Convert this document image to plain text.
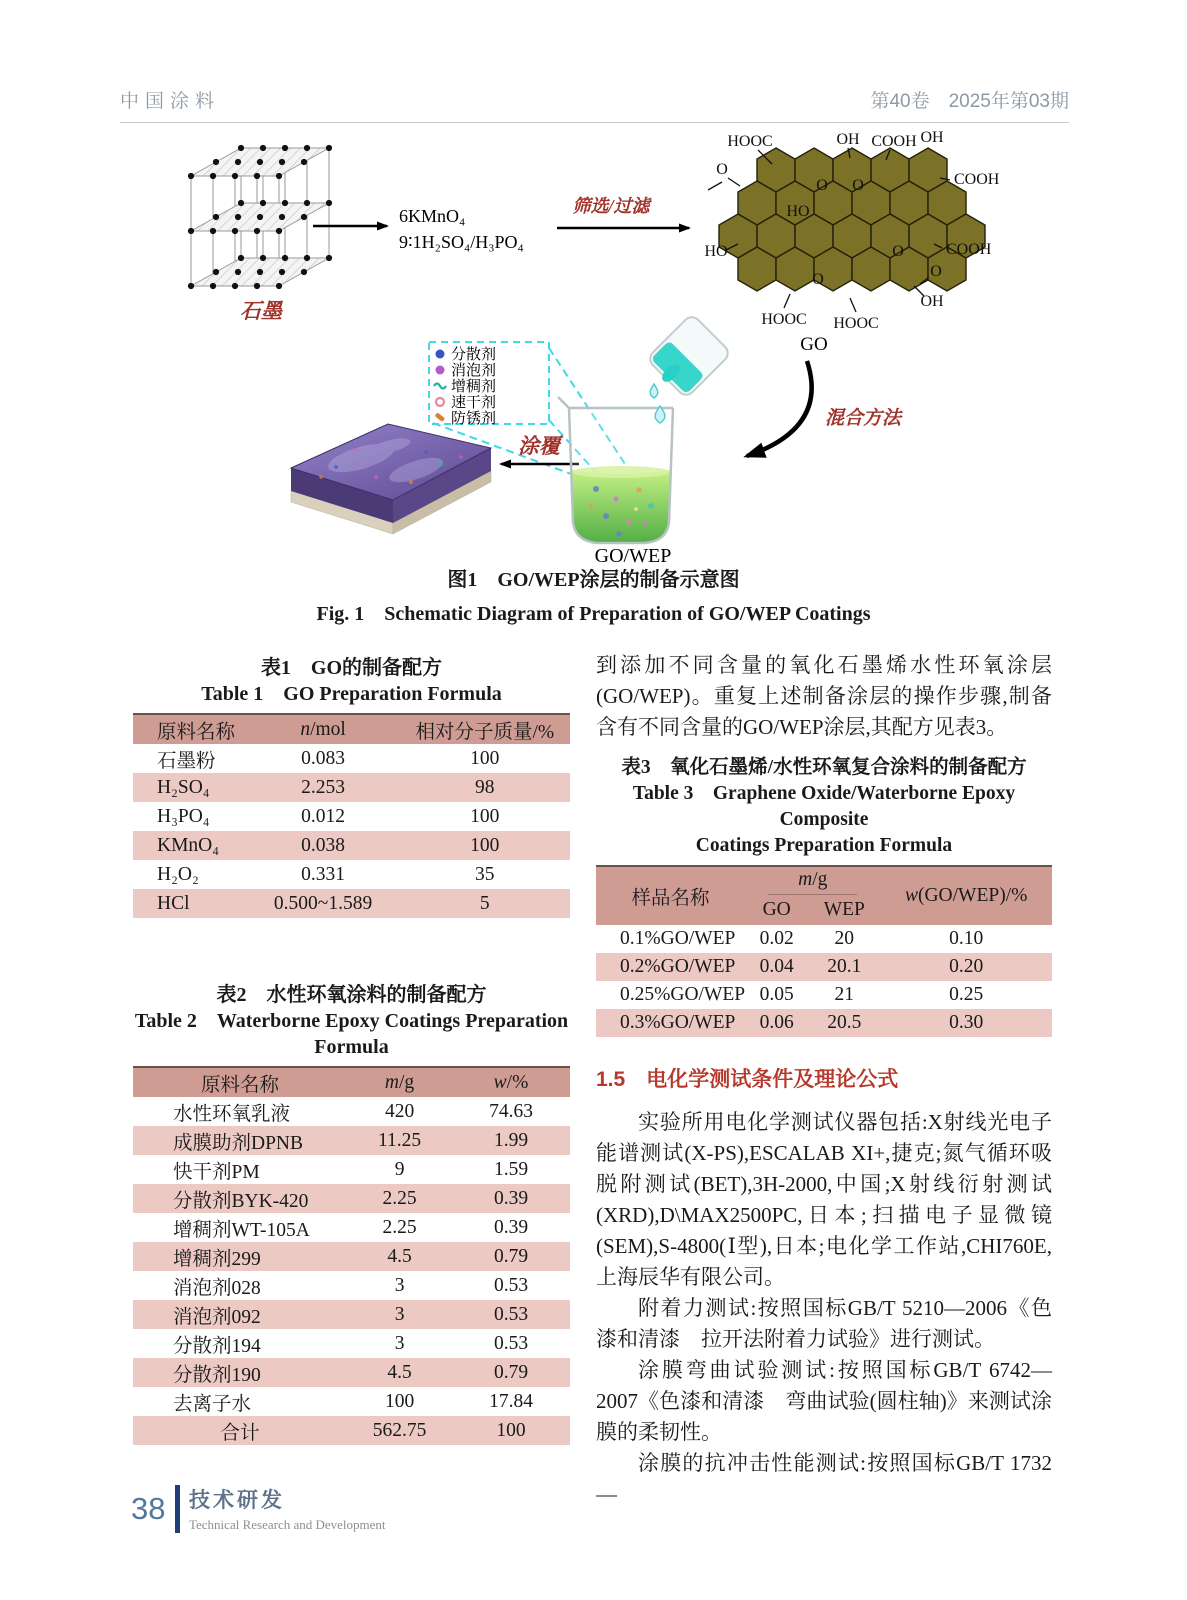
中国涂料	第40卷　2025年第03期
石墨
6KMnO₄
9∶1H₂SO₄/H₃PO₄
筛选/过滤
HOOC	OH COOH OH
COOH
HO
O O
HO	COOH
O
O
O
HOOC HOOC
OH
O
GO
混合方法
分散剂
消泡剂
增稠剂
速干剂
防锈剂
涂覆
GO/WEP
图1　GO/WEP涂层的制备示意图
Fig. 1　Schematic Diagram of Preparation of GO/WEP Coatings
表1　GO的制备配方
Table 1　GO Preparation Formula
原料名称	n/mol	相对分子质量/%
石墨粉	0.083	100
H₂SO₄	2.253	98
H₃PO₄	0.012	100
KMnO₄	0.038	100
H₂O₂	0.331	35
HCl	0.500~1.589	5
表2　水性环氧涂料的制备配方
Table 2　Waterborne Epoxy Coatings Preparation
Formula
原料名称	m/g	w/%
水性环氧乳液	420	74.63
成膜助剂DPNB	11.25	1.99
快干剂PM	9	1.59
分散剂BYK-420	2.25	0.39
增稠剂WT-105A	2.25	0.39
增稠剂299	4.5	0.79
消泡剂028	3	0.53
消泡剂092	3	0.53
分散剂194	3	0.53
分散剂190	4.5	0.79
去离子水	100	17.84
合计	562.75	100

到添加不同含量的氧化石墨烯水性环氧涂层(GO/WEP)。重复上述制备涂层的操作步骤,制备含有不同含量的GO/WEP涂层,其配方见表3。

表3　氧化石墨烯/水性环氧复合涂料的制备配方
Table 3　Graphene Oxide/Waterborne Epoxy Composite
Coatings Preparation Formula
样品名称	m/g		w(GO/WEP)/%
	GO	WEP	
0.1%GO/WEP	0.02	20	0.10
0.2%GO/WEP	0.04	20.1	0.20
0.25%GO/WEP	0.05	21	0.25
0.3%GO/WEP	0.06	20.5	0.30
1.5　电化学测试条件及理论公式

实验所用电化学测试仪器包括:X射线光电子能谱测试(X-PS),ESCALAB XI+,捷克;氮气循环吸脱附测试(BET),3H-2000,中国;X射线衍射测试(XRD),D\MAX2500PC,日本;扫描电子显微镜(SEM),S-4800(Ⅰ型),日本;电化学工作站,CHI760E,上海辰华有限公司。

附着力测试:按照国标GB/T 5210—2006《色漆和清漆　拉开法附着力试验》进行测试。

涂膜弯曲试验测试:按照国标GB/T 6742—2007《色漆和清漆　弯曲试验(圆柱轴)》来测试涂膜的柔韧性。

涂膜的抗冲击性能测试:按照国标GB/T 1732—

38 技术研发
Technical Research and Development
